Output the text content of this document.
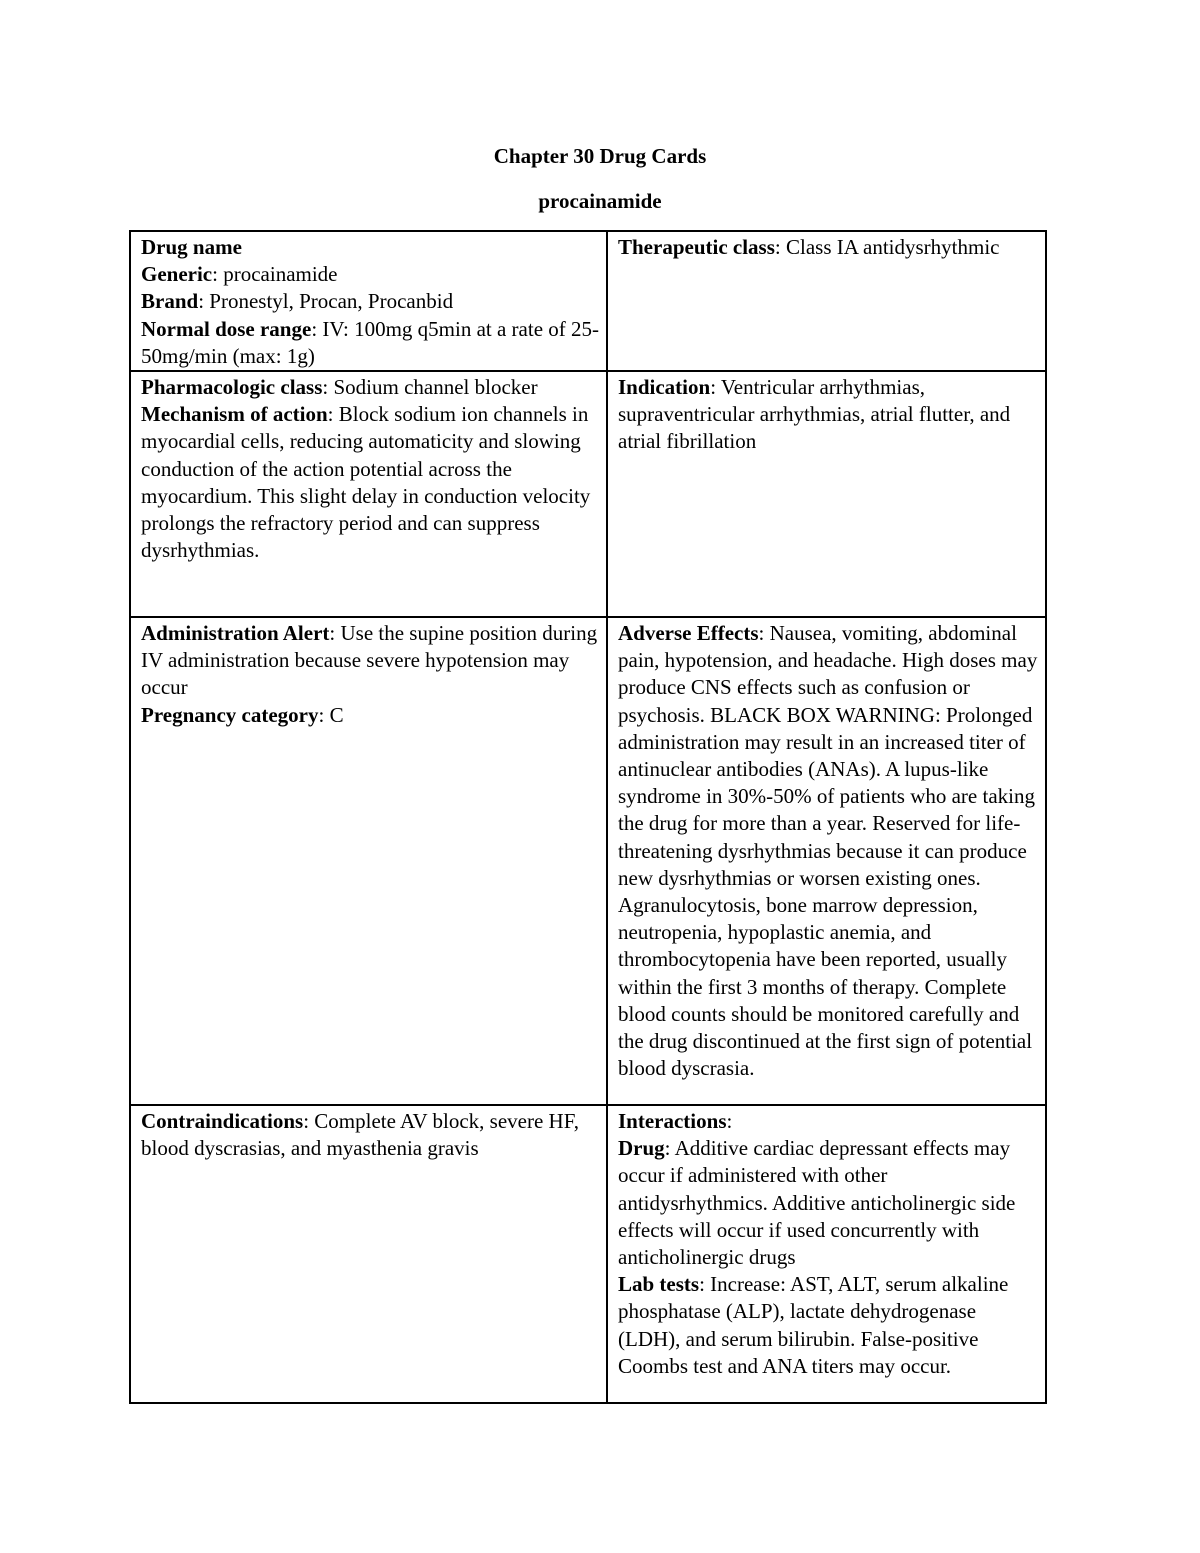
Chapter 30 Drug Cards
procainamide
Drug name
Generic: procainamide
Brand: Pronestyl, Procan, Procanbid
Normal dose range: IV: 100mg q5min at a rate of 25-50mg/min (max: 1g)	Therapeutic class: Class IA antidysrhythmic

Pharmacologic class: Sodium channel blocker
Mechanism of action: Block sodium ion channels in myocardial cells, reducing automaticity and slowing conduction of the action potential across the myocardium. This slight delay in conduction velocity prolongs the refractory period and can suppress dysrhythmias.	Indication: Ventricular arrhythmias, supraventricular arrhythmias, atrial flutter, and atrial fibrillation

Administration Alert: Use the supine position during IV administration because severe hypotension may occur
Pregnancy category: C	Adverse Effects: Nausea, vomiting, abdominal pain, hypotension, and headache. High doses may produce CNS effects such as confusion or psychosis. BLACK BOX WARNING: Prolonged administration may result in an increased titer of antinuclear antibodies (ANAs). A lupus-like syndrome in 30%-50% of patients who are taking the drug for more than a year. Reserved for life-threatening dysrhythmias because it can produce new dysrhythmias or worsen existing ones. Agranulocytosis, bone marrow depression, neutropenia, hypoplastic anemia, and thrombocytopenia have been reported, usually within the first 3 months of therapy. Complete blood counts should be monitored carefully and the drug discontinued at the first sign of potential blood dyscrasia.

Contraindications: Complete AV block, severe HF, blood dyscrasias, and myasthenia gravis	Interactions:
Drug: Additive cardiac depressant effects may occur if administered with other antidysrhythmics. Additive anticholinergic side effects will occur if used concurrently with anticholinergic drugs
Lab tests: Increase: AST, ALT, serum alkaline phosphatase (ALP), lactate dehydrogenase (LDH), and serum bilirubin. False-positive Coombs test and ANA titers may occur.
